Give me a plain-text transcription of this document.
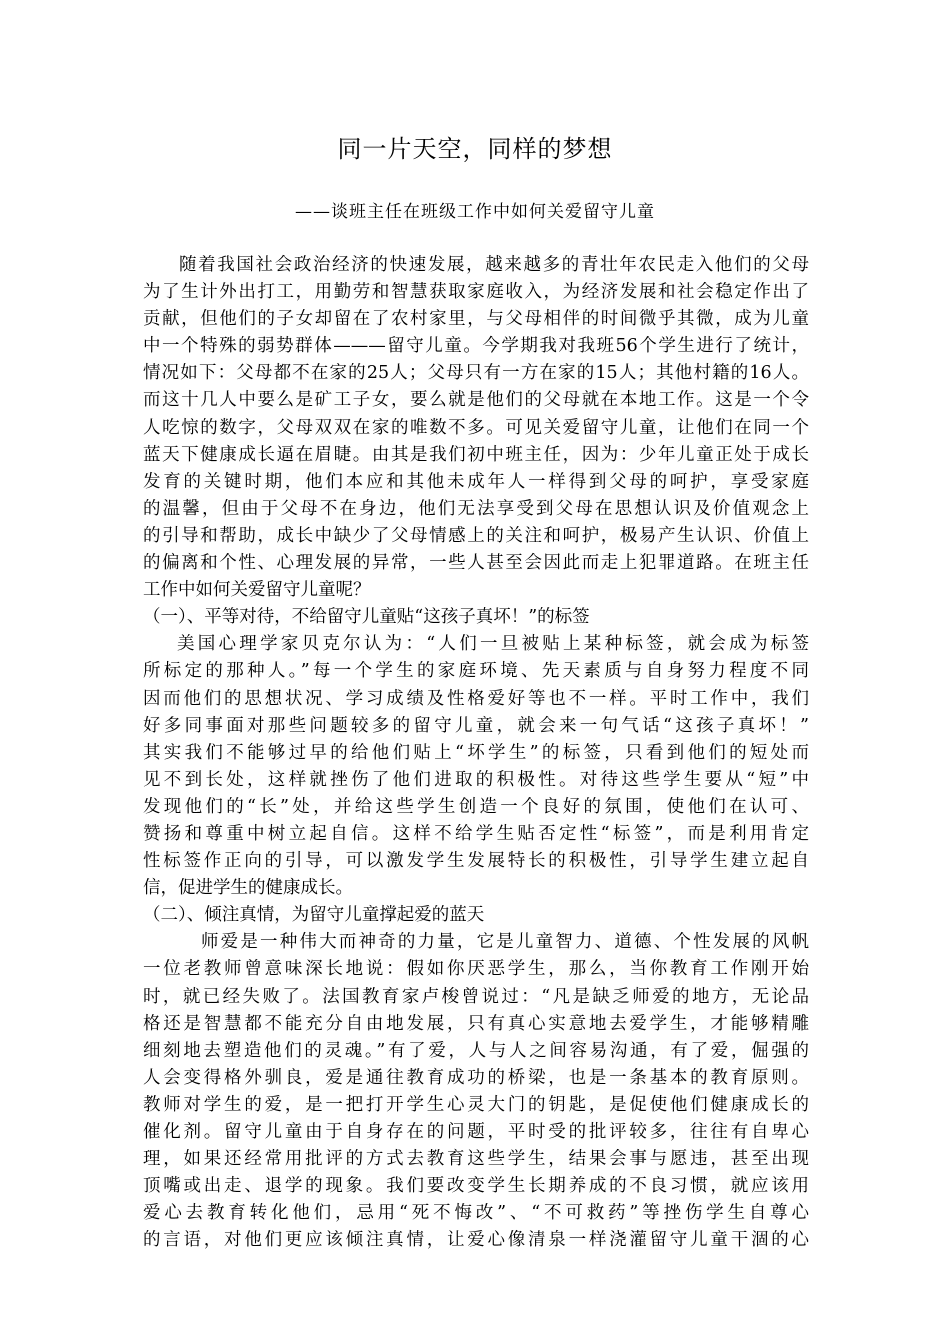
同一片天空，同样的梦想
——谈班主任在班级工作中如何关爱留守儿童
随着我国社会政治经济的快速发展，越来越多的青壮年农民走入他们的父母
为了生计外出打工，用勤劳和智慧获取家庭收入，为经济发展和社会稳定作出了
贡献，但他们的子女却留在了农村家里，与父母相伴的时间微乎其微，成为儿童
中一个特殊的弱势群体———留守儿童。今学期我对我班56个学生进行了统计，
情况如下：父母都不在家的25人；父母只有一方在家的15人；其他村籍的16人。
而这十几人中要么是矿工子女，要么就是他们的父母就在本地工作。这是一个令
人吃惊的数字，父母双双在家的唯数不多。可见关爱留守儿童，让他们在同一个
蓝天下健康成长逼在眉睫。由其是我们初中班主任，因为：少年儿童正处于成长
发育的关键时期，他们本应和其他未成年人一样得到父母的呵护，享受家庭
的温馨，但由于父母不在身边，他们无法享受到父母在思想认识及价值观念上
的引导和帮助，成长中缺少了父母情感上的关注和呵护，极易产生认识、价值上
的偏离和个性、心理发展的异常，一些人甚至会因此而走上犯罪道路。在班主任
工作中如何关爱留守儿童呢？
（一）、平等对待，不给留守儿童贴“这孩子真坏！”的标签
美国心理学家贝克尔认为：“人们一旦被贴上某种标签，就会成为标签
所标定的那种人。”每一个学生的家庭环境、先天素质与自身努力程度不同
因而他们的思想状况、学习成绩及性格爱好等也不一样。平时工作中，我们
好多同事面对那些问题较多的留守儿童，就会来一句气话“这孩子真坏！”
其实我们不能够过早的给他们贴上“坏学生”的标签，只看到他们的短处而
见不到长处，这样就挫伤了他们进取的积极性。对待这些学生要从“短”中
发现他们的“长”处，并给这些学生创造一个良好的氛围，使他们在认可、
赞扬和尊重中树立起自信。这样不给学生贴否定性“标签”，而是利用肯定
性标签作正向的引导，可以激发学生发展特长的积极性，引导学生建立起自
信，促进学生的健康成长。
（二）、倾注真情，为留守儿童撑起爱的蓝天
师爱是一种伟大而神奇的力量，它是儿童智力、道德、个性发展的风帆
一位老教师曾意味深长地说：假如你厌恶学生，那么，当你教育工作刚开始
时，就已经失败了。法国教育家卢梭曾说过：“凡是缺乏师爱的地方，无论品
格还是智慧都不能充分自由地发展，只有真心实意地去爱学生，才能够精雕
细刻地去塑造他们的灵魂。”有了爱，人与人之间容易沟通，有了爱，倔强的
人会变得格外驯良，爱是通往教育成功的桥梁，也是一条基本的教育原则。
教师对学生的爱，是一把打开学生心灵大门的钥匙，是促使他们健康成长的
催化剂。留守儿童由于自身存在的问题，平时受的批评较多，往往有自卑心
理，如果还经常用批评的方式去教育这些学生，结果会事与愿违，甚至出现
顶嘴或出走、退学的现象。我们要改变学生长期养成的不良习惯，就应该用
爱心去教育转化他们，忌用“死不悔改”、“不可救药”等挫伤学生自尊心
的言语，对他们更应该倾注真情，让爱心像清泉一样浇灌留守儿童干涸的心
